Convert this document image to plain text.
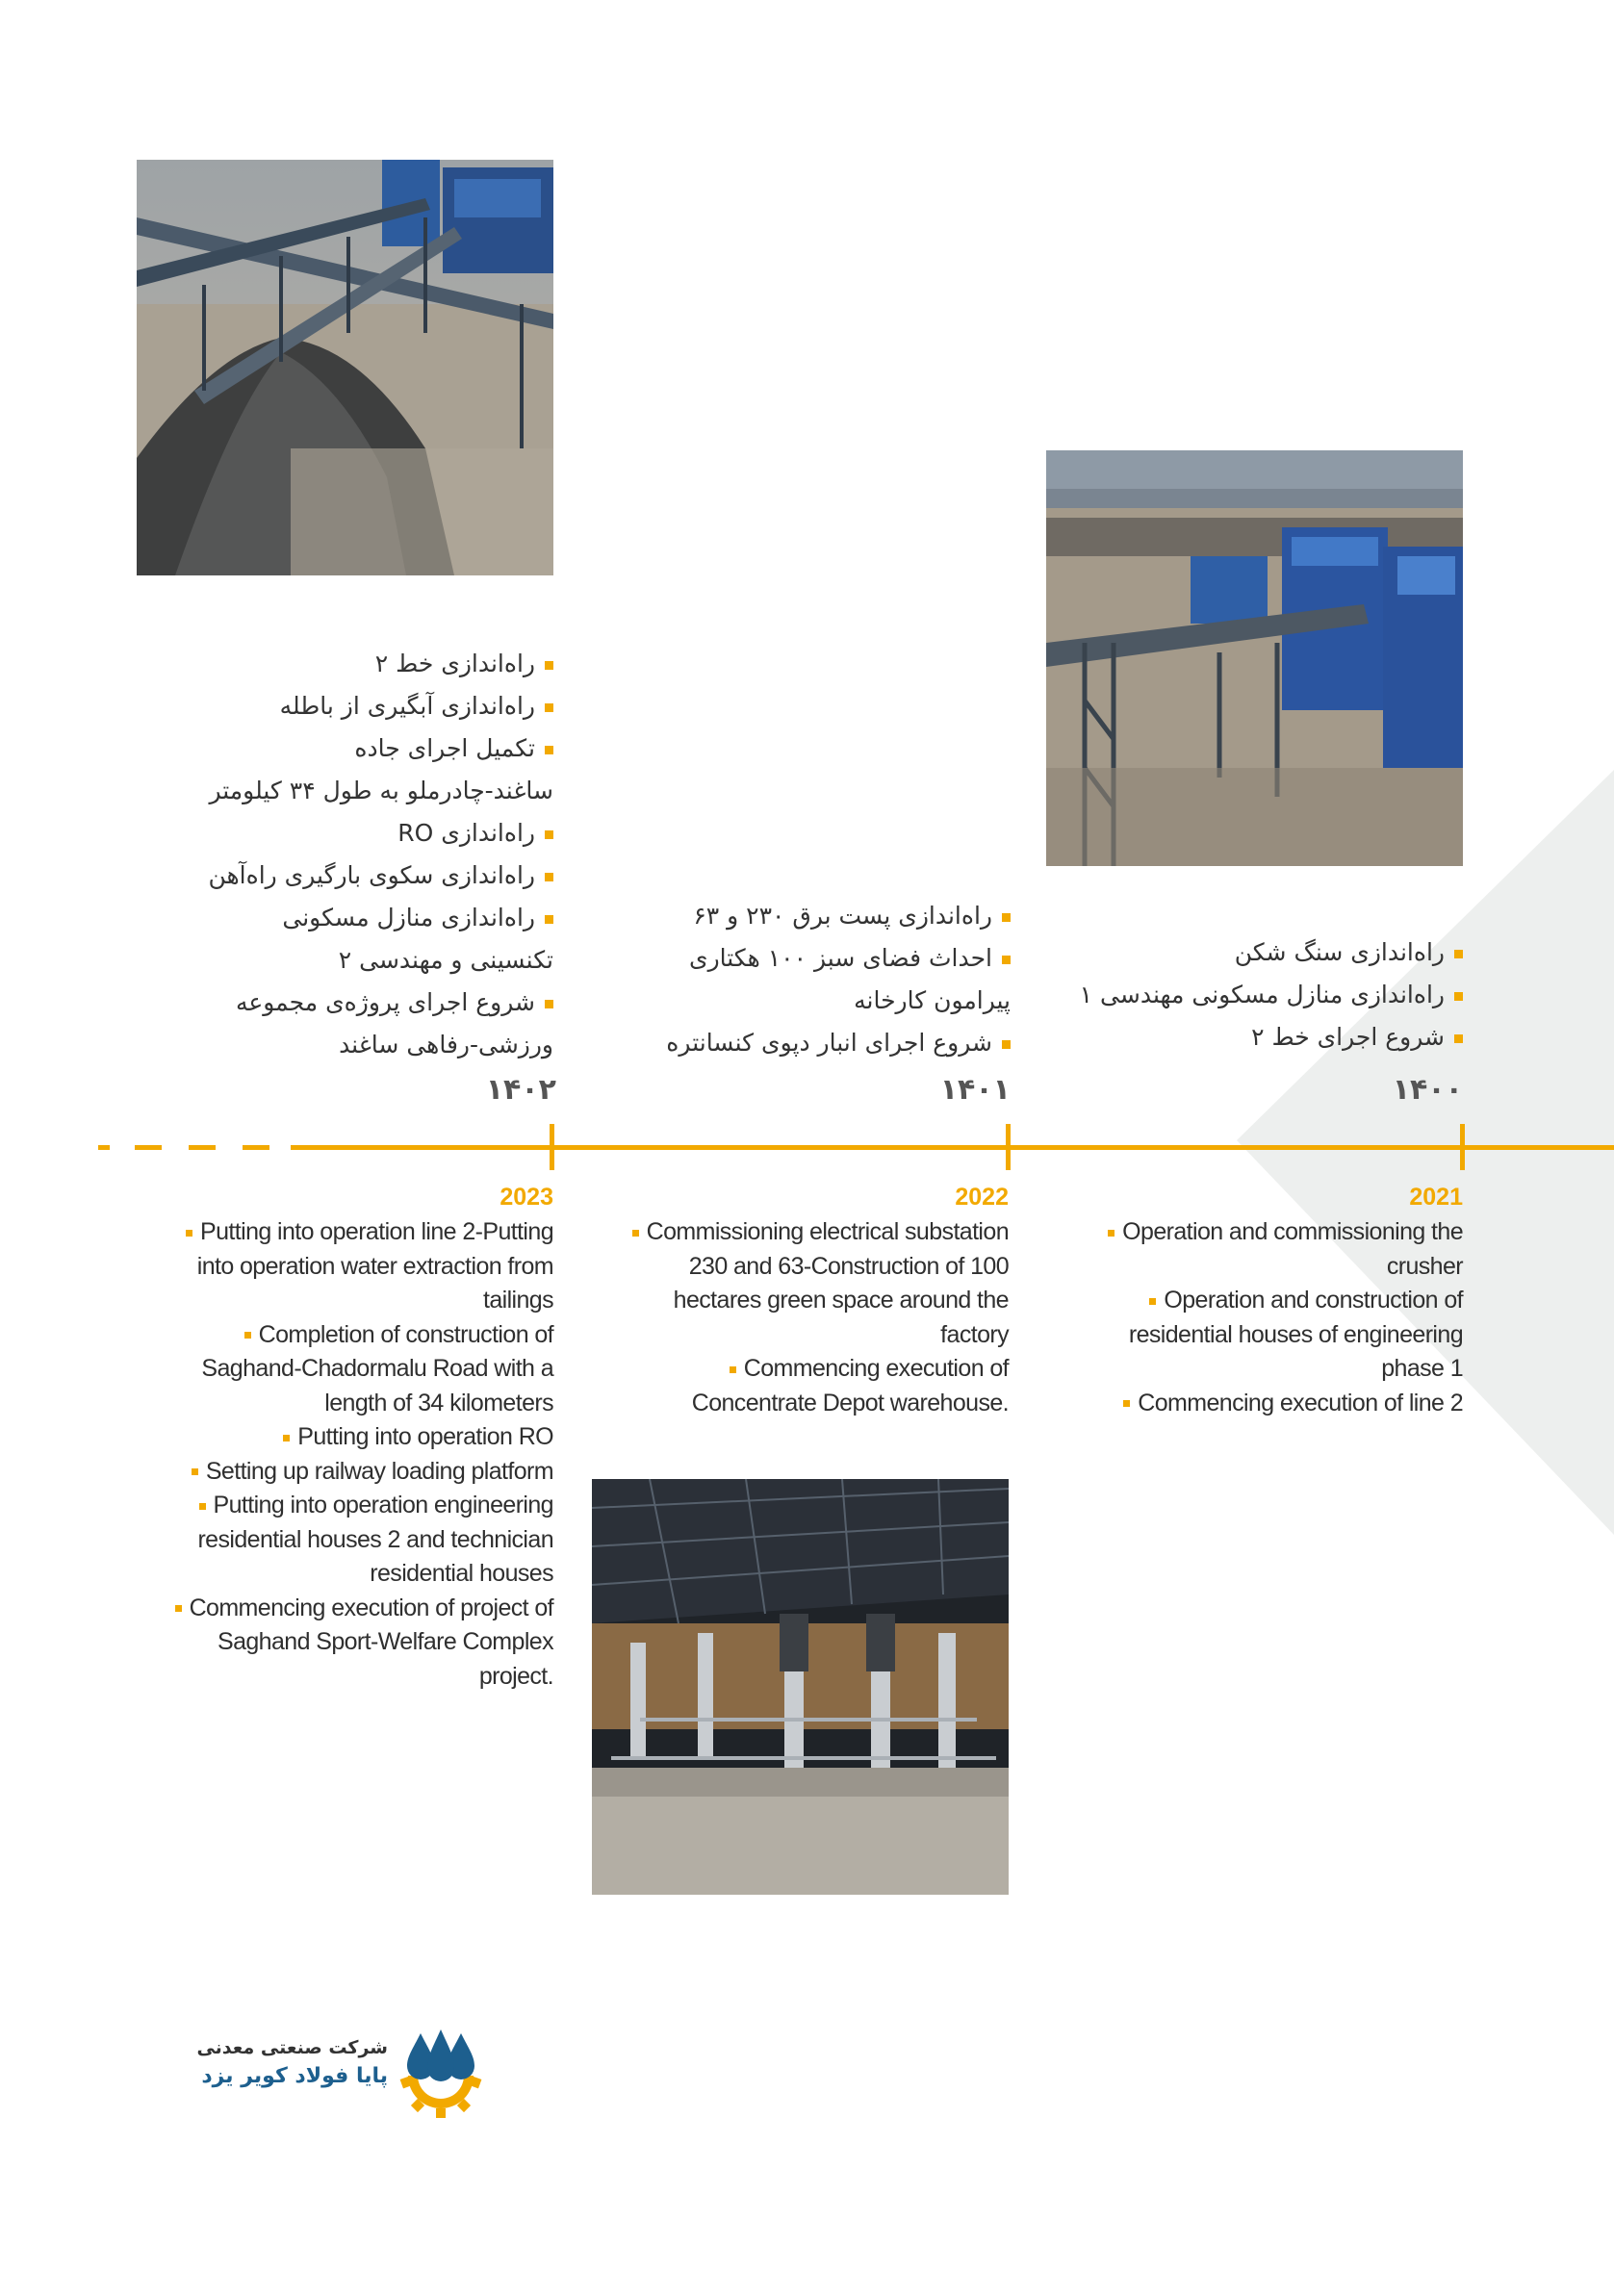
۱۴۰۲	۱۴۰۱	۱۴۰۰
راه‌اندازی خط ۲
راه‌اندازی آبگیری از باطله
تکمیل اجرای جاده
ساغند-چادرملو به طول ۳۴ کیلومتر
راه‌اندازی RO
راه‌اندازی سکوی بارگیری راه‌آهن
راه‌اندازی منازل مسکونی
تکنسینی و مهندسی ۲
شروع اجرای پروژه‌ی مجموعه
ورزشی-رفاهی ساغند
راه‌اندازی پست برق ۲۳۰ و ۶۳
احداث فضای سبز ۱۰۰ هکتاری
پیرامون کارخانه
شروع اجرای انبار دپوی کنسانتره
راه‌اندازی سنگ شکن
راه‌اندازی منازل مسکونی مهندسی ۱
شروع اجرای خط ۲
2023	2022	2021
Putting into operation line 2-Putting
into operation water extraction from
tailings
Completion of construction of
Saghand-Chadormalu Road with a
length of 34 kilometers
Putting into operation RO
Setting up railway loading platform
Putting into operation engineering
residential houses 2 and technician
residential houses
Commencing execution of project of
Saghand Sport-Welfare Complex
project.
Commissioning electrical substation
230 and 63-Construction of 100
hectares green space around the
factory
Commencing execution of
Concentrate Depot warehouse.
Operation and commissioning the
crusher
Operation and construction of
residential houses of engineering
phase 1
Commencing execution of line 2
شرکت صنعتی معدنی
پایا فولاد کویر یزد
